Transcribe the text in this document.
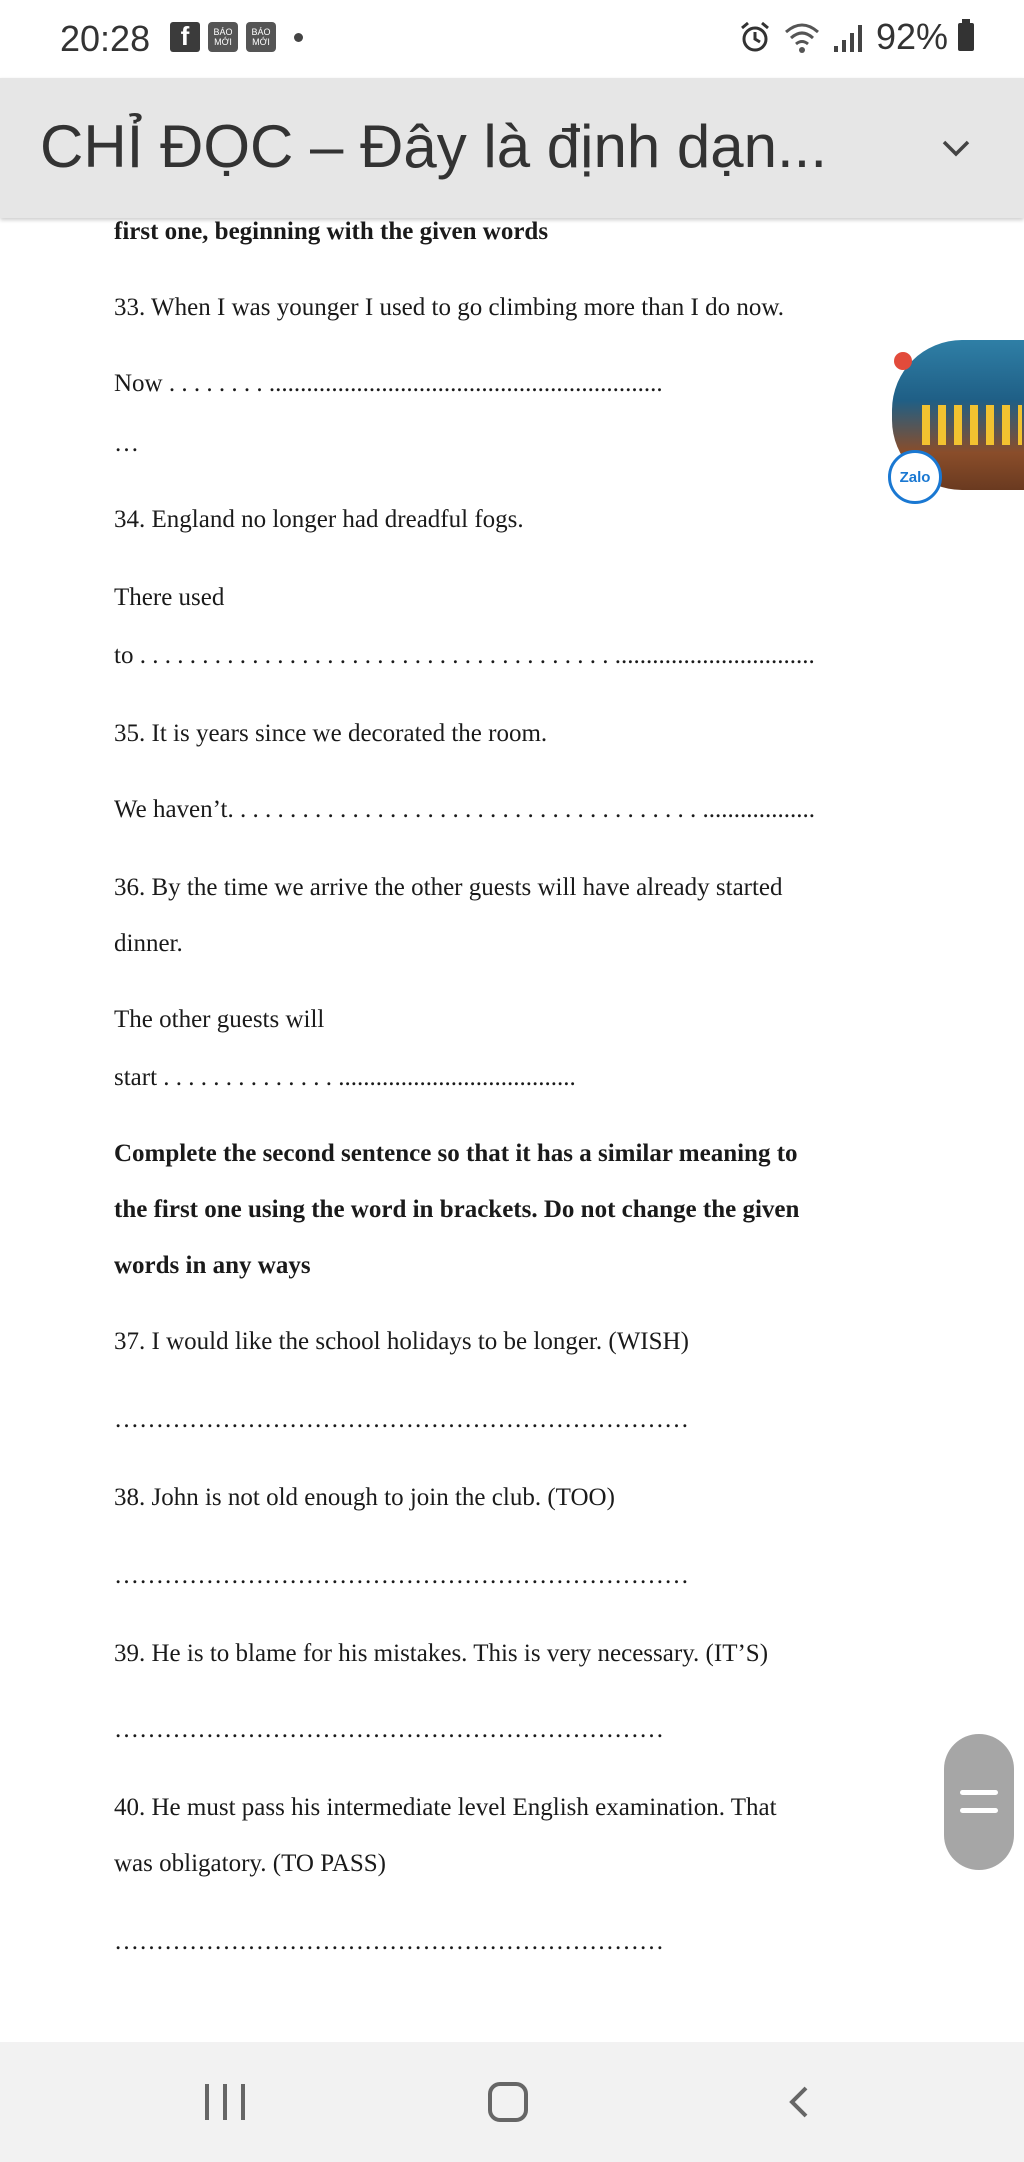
20:28	f	BÁO
MỚI
BÁO
MỚI	92%
CHỈ ĐỌC – Đây là định dạn...
first one, beginning with the given words
33. When I was younger I used to go climbing more than I do now.
Now . . . . . . . . ...............................................................
…
34. England no longer had dreadful fogs.
There used
to . . . . . . . . . . . . . . . . . . . . . . . . . . . . . . . . . . . . . . ................................
35. It is years since we decorated the room.
We haven’t. . . . . . . . . . . . . . . . . . . . . . . . . . . . . . . . . . . . . . ..................
36. By the time we arrive the other guests will have already started
dinner.
The other guests will
start . . . . . . . . . . . . . . ......................................
Complete the second sentence so that it has a similar meaning to
the first one using the word in brackets. Do not change the given
words in any ways
37. I would like the school holidays to be longer. (WISH)
……………………………………………………………
38. John is not old enough to join the club. (TOO)
……………………………………………………………
39. He is to blame for his mistakes. This is very necessary. (IT’S)
…………………………………………………………
40. He must pass his intermediate level English examination. That
was obligatory. (TO PASS)
…………………………………………………………
Zalo
